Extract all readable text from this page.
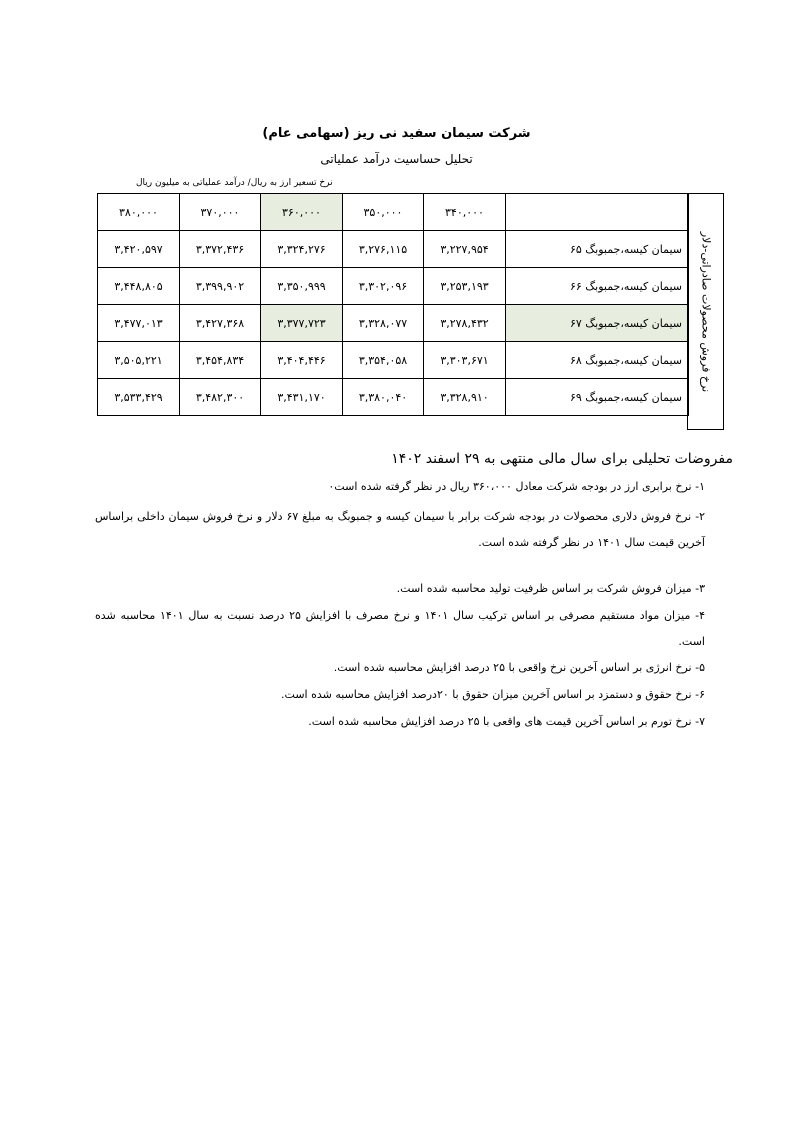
شرکت سیمان سفید نی ریز (سهامی عام)
تحلیل حساسیت درآمد عملیاتی
نرخ تسعیر ارز به ریال/ درآمد عملیاتی به میلیون ریال
۳۸۰,۰۰۰	۳۷۰,۰۰۰	۳۶۰,۰۰۰	۳۵۰,۰۰۰	۳۴۰,۰۰۰	
۳,۴۲۰,۵۹۷	۳,۳۷۲,۴۳۶	۳,۳۲۴,۲۷۶	۳,۲۷۶,۱۱۵	۳,۲۲۷,۹۵۴	سیمان کیسه،جمبوبگ ۶۵
۳,۴۴۸,۸۰۵	۳,۳۹۹,۹۰۲	۳,۳۵۰,۹۹۹	۳,۳۰۲,۰۹۶	۳,۲۵۳,۱۹۳	سیمان کیسه،جمبوبگ ۶۶
۳,۴۷۷,۰۱۳	۳,۴۲۷,۳۶۸	۳,۳۷۷,۷۲۳	۳,۳۲۸,۰۷۷	۳,۲۷۸,۴۳۲	سیمان کیسه،جمبوبگ ۶۷
۳,۵۰۵,۲۲۱	۳,۴۵۴,۸۳۴	۳,۴۰۴,۴۴۶	۳,۳۵۴,۰۵۸	۳,۳۰۳,۶۷۱	سیمان کیسه،جمبوبگ ۶۸
۳,۵۳۳,۴۲۹	۳,۴۸۲,۳۰۰	۳,۴۳۱,۱۷۰	۳,۳۸۰,۰۴۰	۳,۳۲۸,۹۱۰	سیمان کیسه،جمبوبگ ۶۹
نرخ فروش محصولات صادراتی-دلار
مفروضات تحلیلی برای سال مالی منتهی به ۲۹ اسفند ۱۴۰۲
۱- نرخ برابری ارز در بودجه شرکت معادل ۳۶۰،۰۰۰ ریال در نظر گرفته شده است۰
۲- نرخ فروش دلاری محصولات در بودجه شرکت برابر با سیمان کیسه و جمبوبگ به مبلغ ۶۷ دلار و نرخ فروش سیمان داخلی براساس آخرین قیمت سال ۱۴۰۱ در نظر گرفته شده است.
۳- میزان فروش شرکت بر اساس ظرفیت تولید محاسبه شده است.
۴- میزان مواد مستقیم مصرفی بر اساس ترکیب سال ۱۴۰۱ و نرخ مصرف با افزایش ۲۵ درصد نسبت به سال ۱۴۰۱ محاسبه شده است.
۵- نرخ انرژی بر اساس آخرین نرخ واقعی با ۲۵ درصد افزایش محاسبه شده است.
۶- نرخ حقوق و دستمزد بر اساس آخرین میزان حقوق با ۲۰درصد افزایش محاسبه شده است.
۷- نرخ تورم بر اساس آخرین قیمت های واقعی با ۲۵ درصد افزایش محاسبه شده است.
